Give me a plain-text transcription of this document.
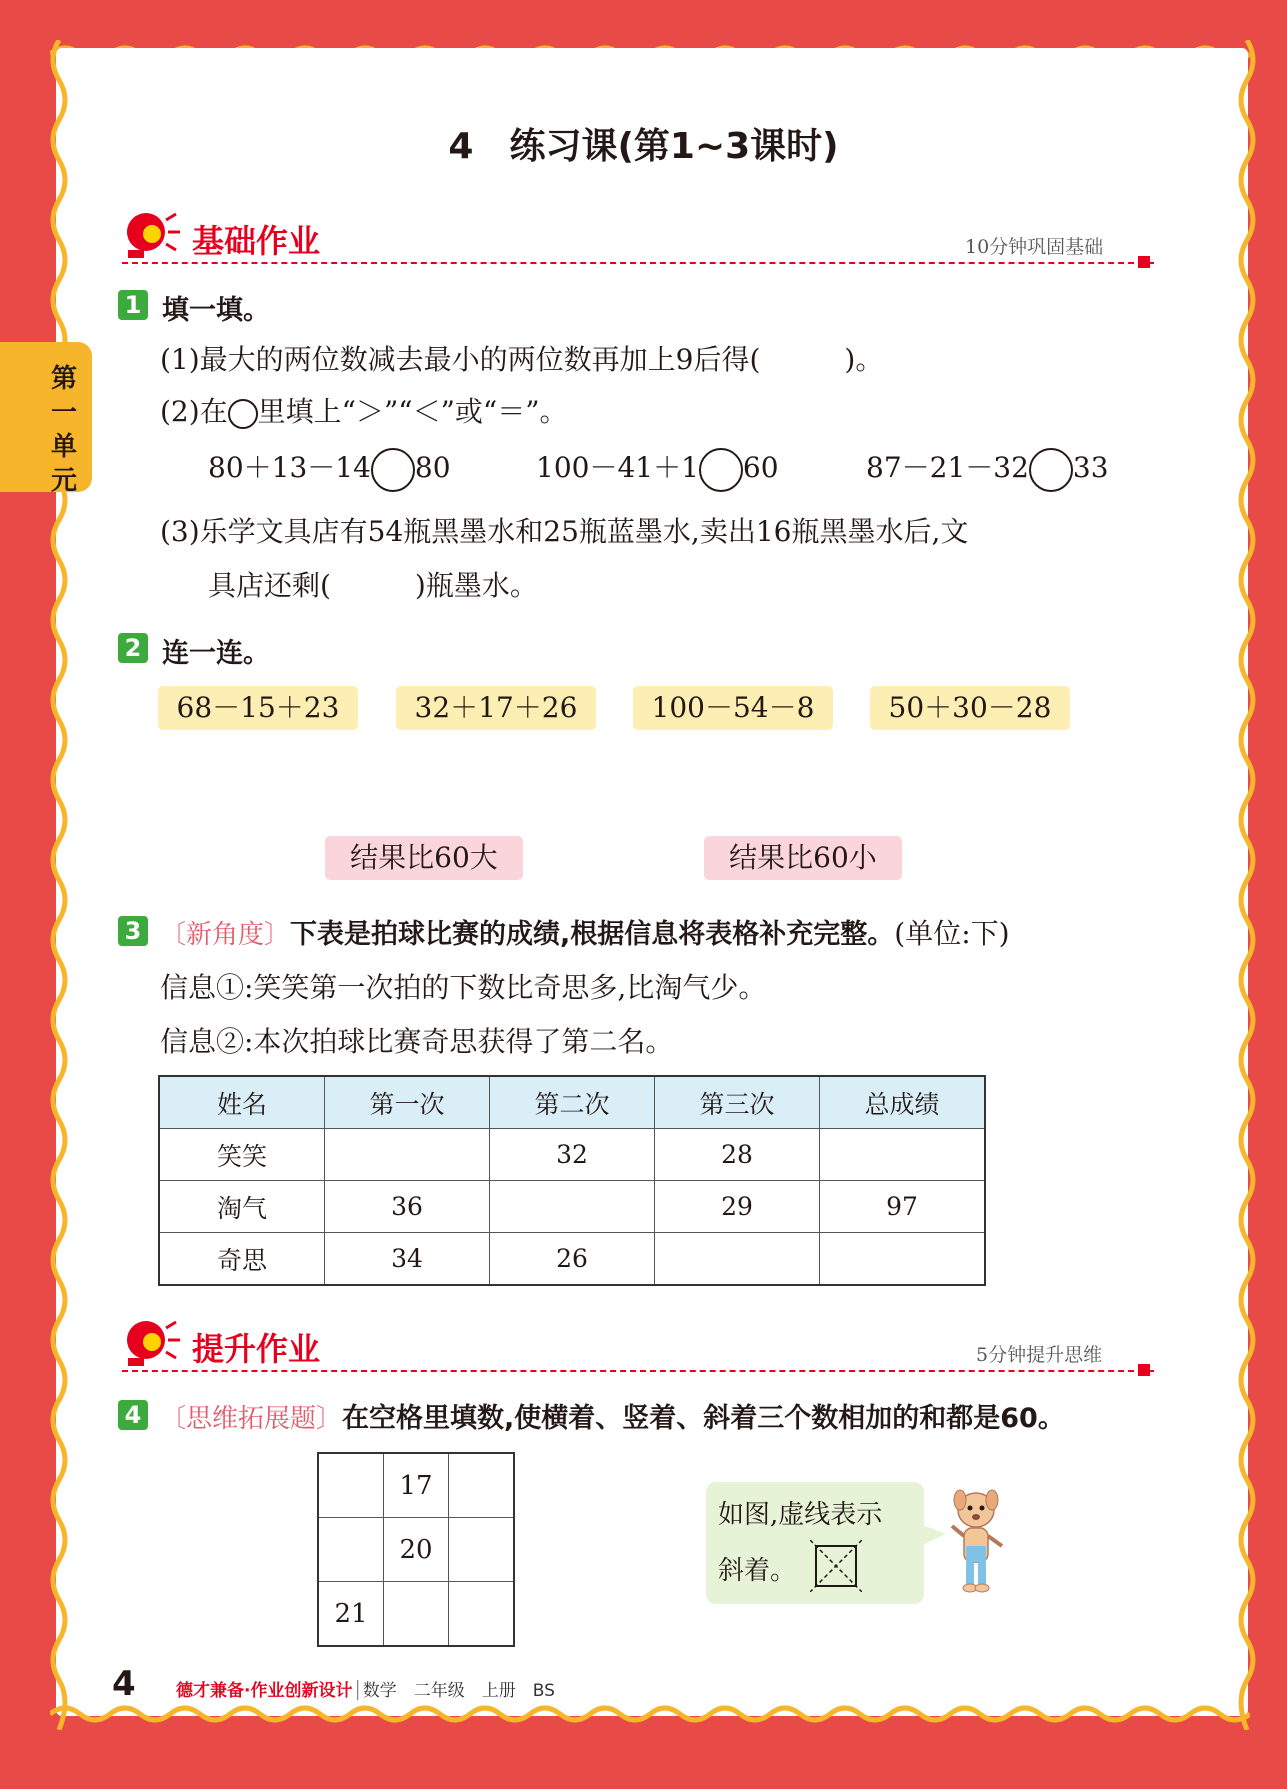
第一单元
4　练习课(第1~3课时)
基础作业	10分钟巩固基础
1 填一填。
(1)最大的两位数减去最小的两位数再加上9后得(　　　)。
(2)在 里填上“＞”“＜”或“＝”。
80＋13－14 80	100－41＋1 60	87－21－32 33
(3)乐学文具店有54瓶黑墨水和25瓶蓝墨水,卖出16瓶黑墨水后,文
具店还剩(　　　)瓶墨水。
2 连一连。
68－15＋23	32＋17＋26	100－54－8	50＋30－28
结果比60大	结果比60小
3 〔新角度〕下表是拍球比赛的成绩,根据信息将表格补充完整。(单位:下)
信息①:笑笑第一次拍的下数比奇思多,比淘气少。
信息②:本次拍球比赛奇思获得了第二名。
姓名	第一次	第二次	第三次	总成绩
笑笑		32	28	
淘气	36		29	97
奇思	34	26		
提升作业	5分钟提升思维
4 〔思维拓展题〕在空格里填数,使横着、竖着、斜着三个数相加的和都是60。
	17	
	20	
21		
如图,虚线表示
斜着。
4 德才兼备·作业创新设计│数学　二年级　上册　BS
